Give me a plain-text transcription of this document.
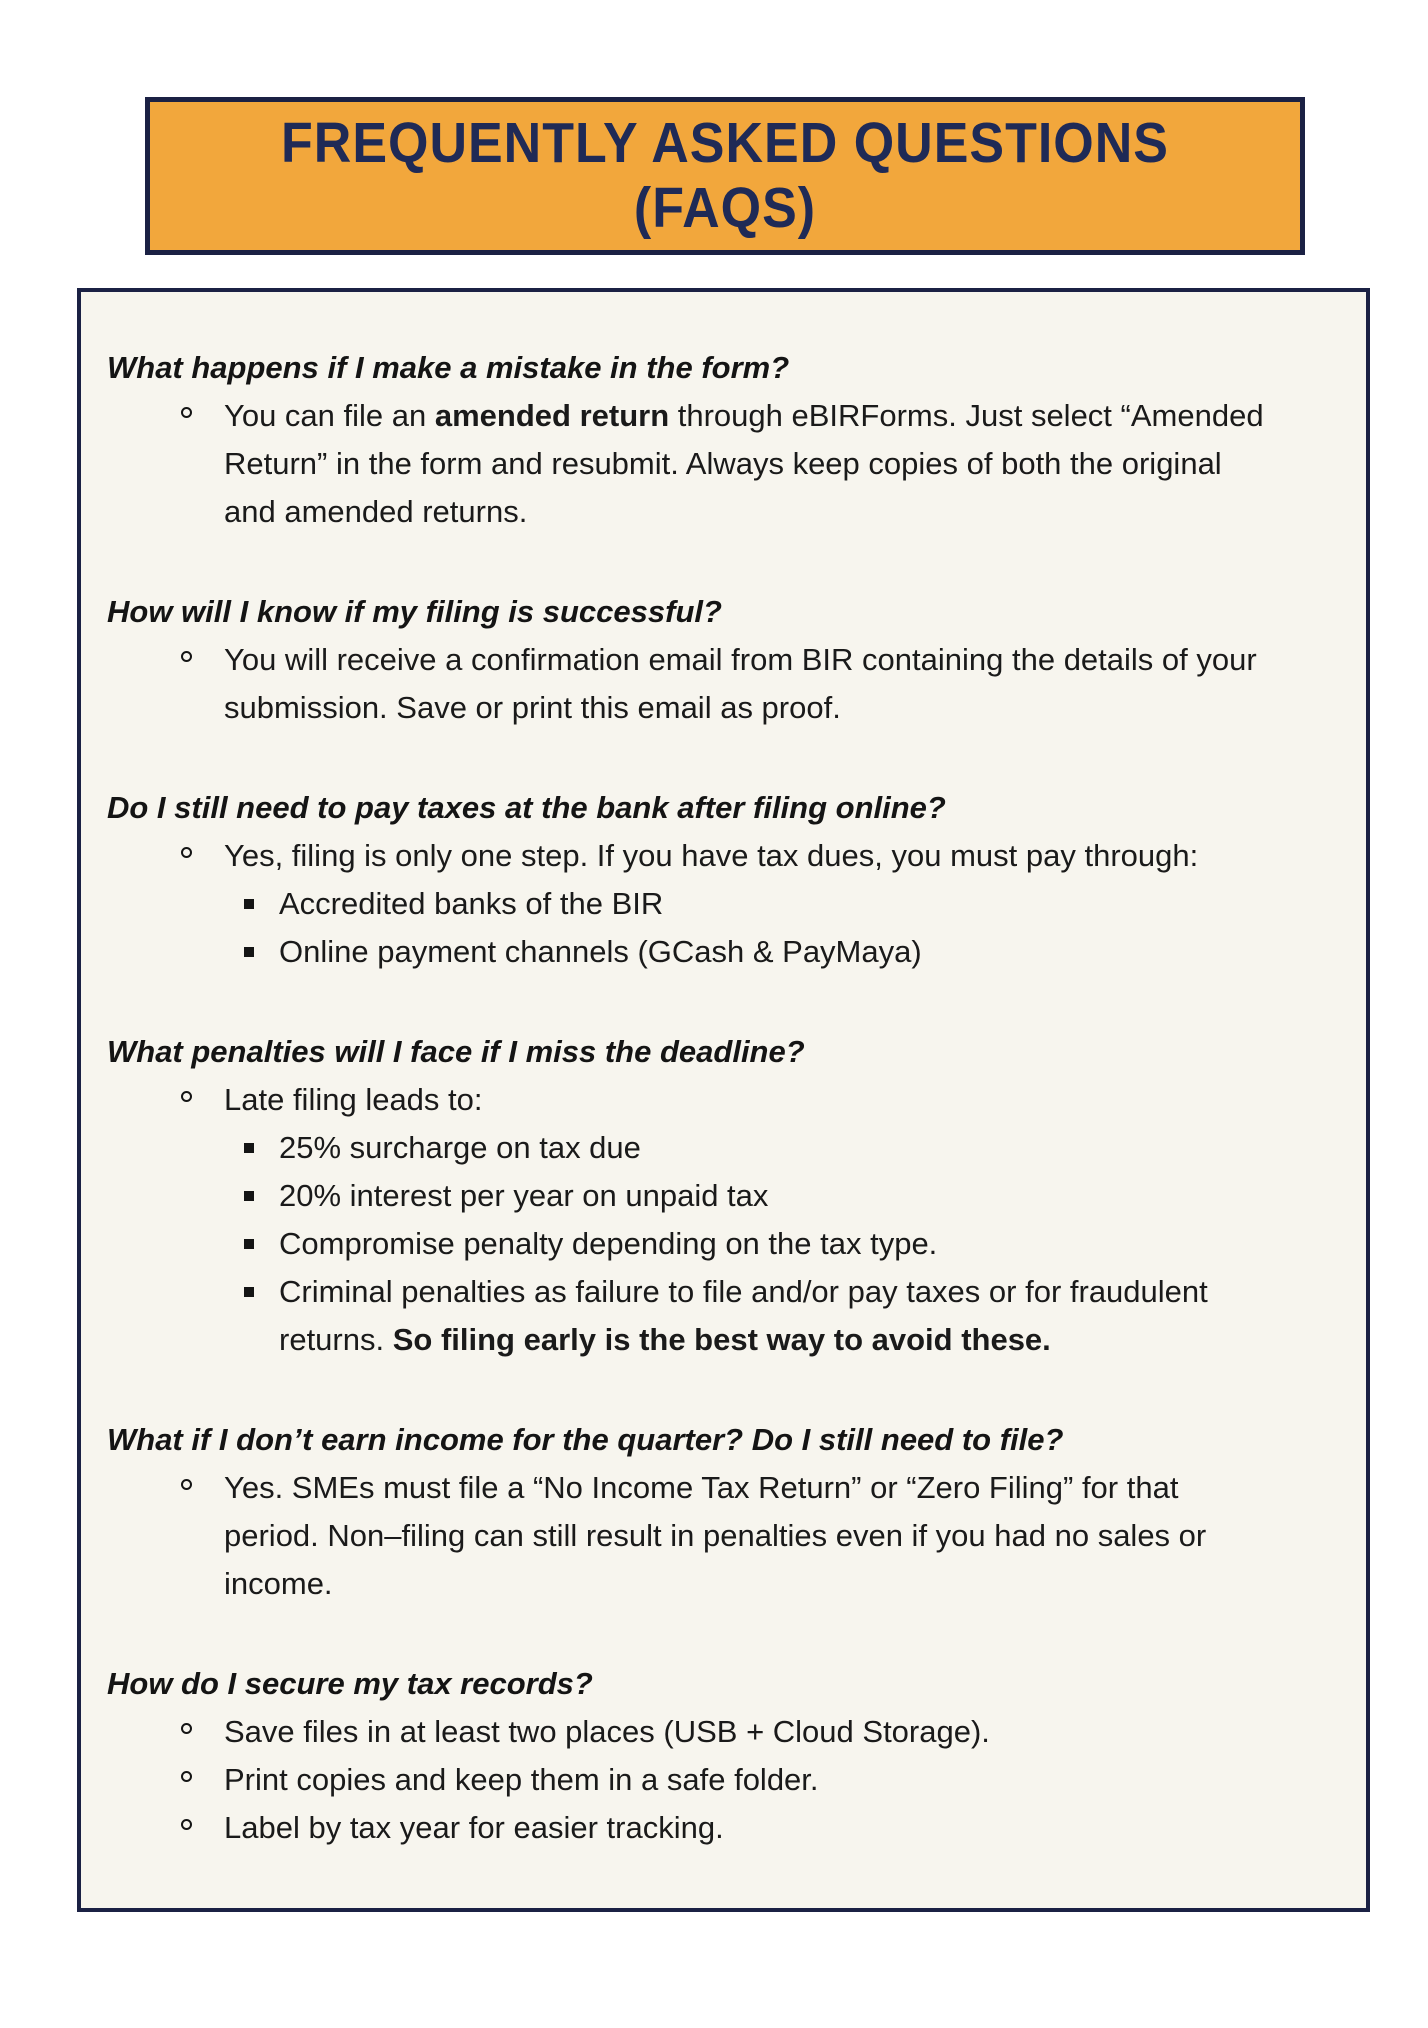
FREQUENTLY ASKED QUESTIONS
(FAQS)
What happens if I make a mistake in the form?
You can file an amended return through eBIRForms. Just select “Amended Return” in the form and resubmit. Always keep copies of both the original and amended returns.
How will I know if my filing is successful?
You will receive a confirmation email from BIR containing the details of your submission. Save or print this email as proof.
Do I still need to pay taxes at the bank after filing online?
Yes, filing is only one step. If you have tax dues, you must pay through:
Accredited banks of the BIR
Online payment channels (GCash & PayMaya)
What penalties will I face if I miss the deadline?
Late filing leads to:
25% surcharge on tax due
20% interest per year on unpaid tax
Compromise penalty depending on the tax type.
Criminal penalties as failure to file and/or pay taxes or for fraudulent returns. So filing early is the best way to avoid these.
What if I don’t earn income for the quarter? Do I still need to file?
Yes. SMEs must file a “No Income Tax Return” or “Zero Filing” for that period. Non–filing can still result in penalties even if you had no sales or income.
How do I secure my tax records?
Save files in at least two places (USB + Cloud Storage).
Print copies and keep them in a safe folder.
Label by tax year for easier tracking.
